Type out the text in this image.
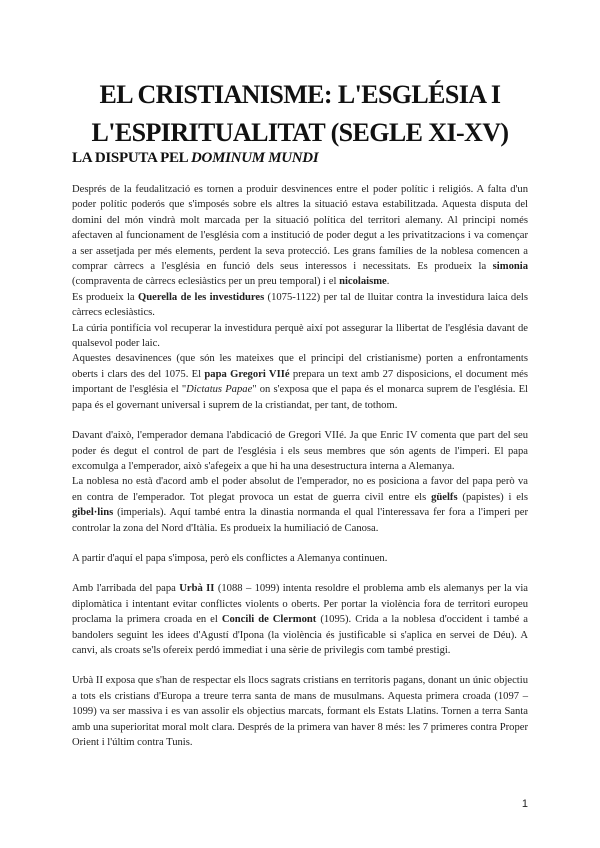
EL CRISTIANISME: L'ESGLÉSIA I
L'ESPIRITUALITAT (SEGLE XI-XV)
LA DISPUTA PEL DOMINUM MUNDI

Després de la feudalització es tornen a produir desvinences entre el poder polític i religiós. A falta d'un poder polític poderós que s'imposés sobre els altres la situació estava estabilitzada. Aquesta disputa del domini del món vindrà molt marcada per la situació política del territori alemany. Al principi només afectaven al funcionament de l'església com a institució de poder degut a les privatitzacions i va començar a ser assetjada per més elements, perdent la seva protecció. Les grans famílies de la noblesa comencen a comprar càrrecs a l'església en funció dels seus interessos i necessitats. Es produeix la simonia (compraventa de càrrecs eclesiàstics per un preu temporal) i el nicolaisme.

Es produeix la Querella de les investidures (1075-1122) per tal de lluitar contra la investidura laica dels càrrecs eclesiàstics.

La cúria pontifícia vol recuperar la investidura perquè així pot assegurar la llibertat de l'església davant de qualsevol poder laic.

Aquestes desavinences (que són les mateixes que el principi del cristianisme) porten a enfrontaments oberts i clars des del 1075. El papa Gregori VIIé prepara un text amb 27 disposicions, el document més important de l'església el "Dictatus Papae" on s'exposa que el papa és el monarca suprem de l'església. El papa és el governant universal i suprem de la cristiandat, per tant, de tothom.

Davant d'això, l'emperador demana l'abdicació de Gregori VIIé. Ja que Enric IV comenta que part del seu poder és degut el control de part de l'església i els seus membres que són agents de l'imperi. El papa excomulga a l'emperador, això s'afegeix a que hi ha una desestructura interna a Alemanya.

La noblesa no està d'acord amb el poder absolut de l'emperador, no es posiciona a favor del papa però va en contra de l'emperador. Tot plegat provoca un estat de guerra civil entre els güelfs (papistes) i els gibel·lins (imperials). Aquí també entra la dinastia normanda el qual l'interessava fer fora a l'imperi per controlar la zona del Nord d'Itàlia. Es produeix la humiliació de Canosa.

A partir d'aquí el papa s'imposa, però els conflictes a Alemanya continuen.

Amb l'arribada del papa Urbà II (1088 – 1099) intenta resoldre el problema amb els alemanys per la via diplomàtica i intentant evitar conflictes violents o oberts. Per portar la violència fora de territori europeu proclama la primera croada en el Concili de Clermont (1095). Crida a la noblesa d'occident i també a bandolers seguint les idees d'Agustí d'Ipona (la violència és justificable si s'aplica en servei de Déu). A canvi, als croats se'ls ofereix perdó immediat i una sèrie de privilegis com també prestigi.

Urbà II exposa que s'han de respectar els llocs sagrats cristians en territoris pagans, donant un únic objectiu a tots els cristians d'Europa a treure terra santa de mans de musulmans. Aquesta primera croada (1097 – 1099) va ser massiva i es van assolir els objectius marcats, formant els Estats Llatins. Tornen a terra Santa amb una superioritat moral molt clara. Després de la primera van haver 8 més: les 7 primeres contra Proper Orient i l'últim contra Tunis.

1
